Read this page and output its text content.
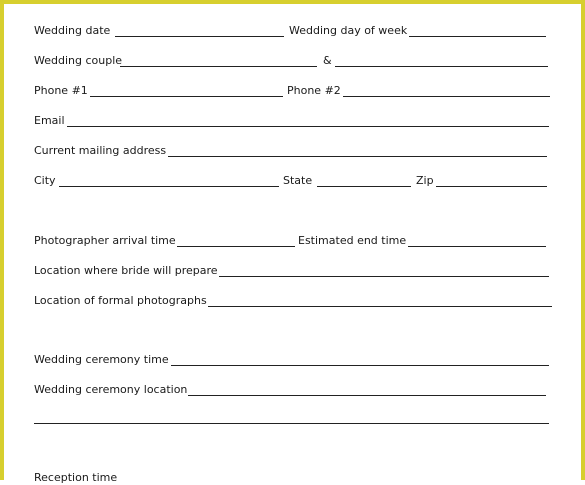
Wedding date	Wedding day of week
Wedding couple	&
Phone #1	Phone #2
Email
Current mailing address
City	State	Zip
Photographer arrival time	Estimated end time
Location where bride will prepare
Location of formal photographs
Wedding ceremony time
Wedding ceremony location
Reception time
